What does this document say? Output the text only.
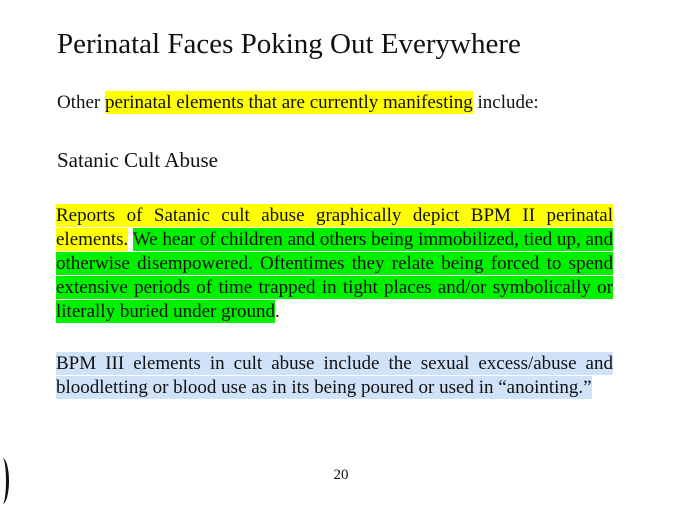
Perinatal Faces Poking Out Everywhere
Other perinatal elements that are currently manifesting include:
Satanic Cult Abuse
Reports of Satanic cult abuse graphically depict BPM II perinatal elements. We hear of children and others being immobilized, tied up, and otherwise disempowered. Oftentimes they relate being forced to spend extensive periods of time trapped in tight places and/or symbolically or literally buried under ground.
BPM III elements in cult abuse include the sexual excess/abuse and bloodletting or blood use as in its being poured or used in “anointing.”
20
